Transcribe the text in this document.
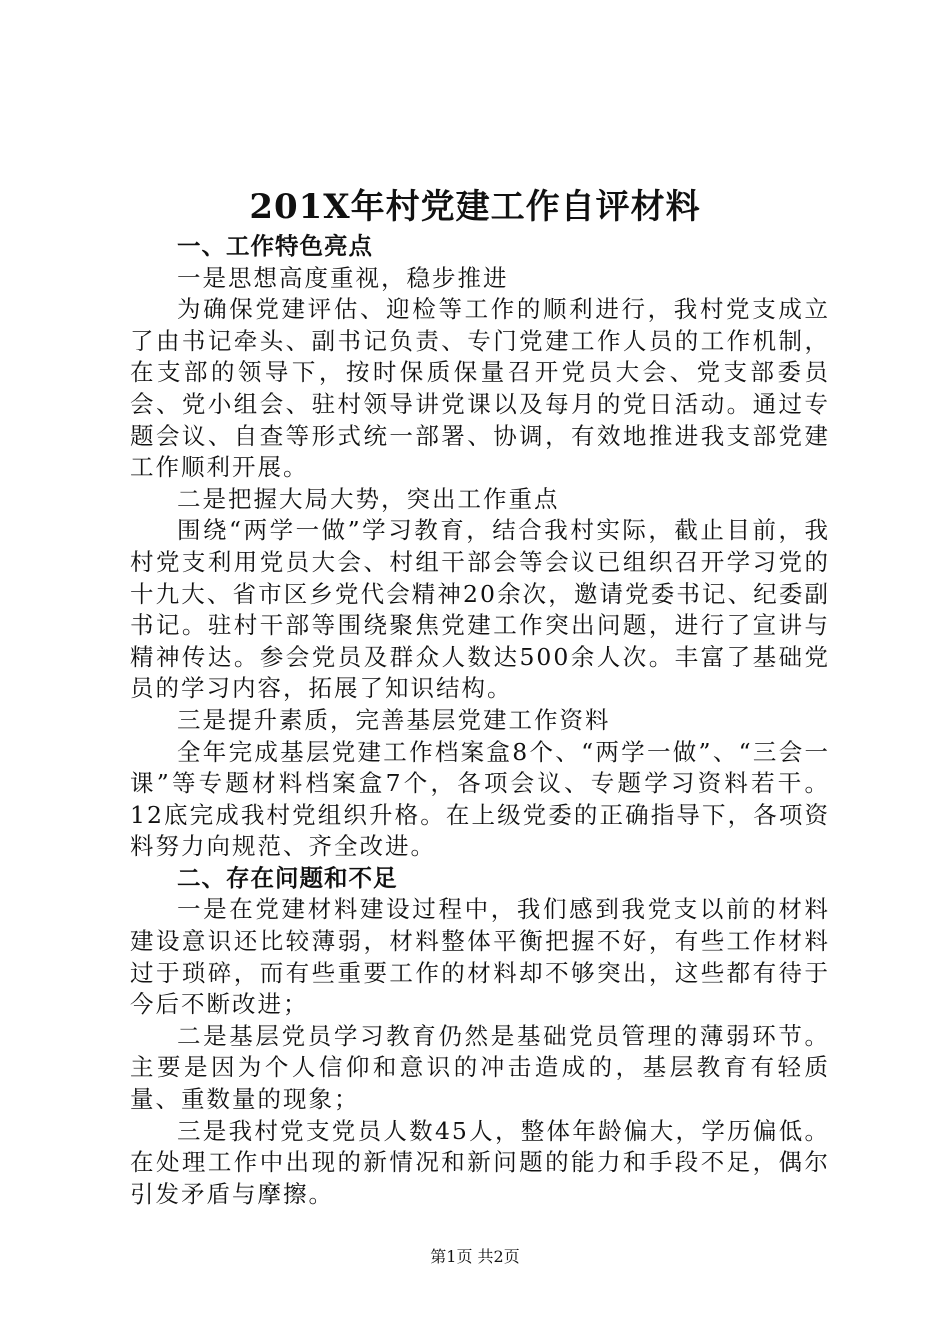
201X年村党建工作自评材料

一、工作特色亮点

一是思想高度重视，稳步推进

为确保党建评估、迎检等工作的顺利进行，我村党支成立了由书记牵头、副书记负责、专门党建工作人员的工作机制，在支部的领导下，按时保质保量召开党员大会、党支部委员会、党小组会、驻村领导讲党课以及每月的党日活动。通过专题会议、自查等形式统一部署、协调，有效地推进我支部党建工作顺利开展。

二是把握大局大势，突出工作重点

围绕“两学一做”学习教育，结合我村实际，截止目前，我村党支利用党员大会、村组干部会等会议已组织召开学习党的十九大、省市区乡党代会精神20余次，邀请党委书记、纪委副书记。驻村干部等围绕聚焦党建工作突出问题，进行了宣讲与精神传达。参会党员及群众人数达500余人次。丰富了基础党员的学习内容，拓展了知识结构。

三是提升素质，完善基层党建工作资料

全年完成基层党建工作档案盒8个、“两学一做”、“三会一课”等专题材料档案盒7个，各项会议、专题学习资料若干。12底完成我村党组织升格。在上级党委的正确指导下，各项资料努力向规范、齐全改进。

二、存在问题和不足

一是在党建材料建设过程中，我们感到我党支以前的材料建设意识还比较薄弱，材料整体平衡把握不好，有些工作材料过于琐碎，而有些重要工作的材料却不够突出，这些都有待于今后不断改进；

二是基层党员学习教育仍然是基础党员管理的薄弱环节。主要是因为个人信仰和意识的冲击造成的，基层教育有轻质量、重数量的现象；

三是我村党支党员人数45人，整体年龄偏大，学历偏低。在处理工作中出现的新情况和新问题的能力和手段不足，偶尔引发矛盾与摩擦。

第1页 共2页
